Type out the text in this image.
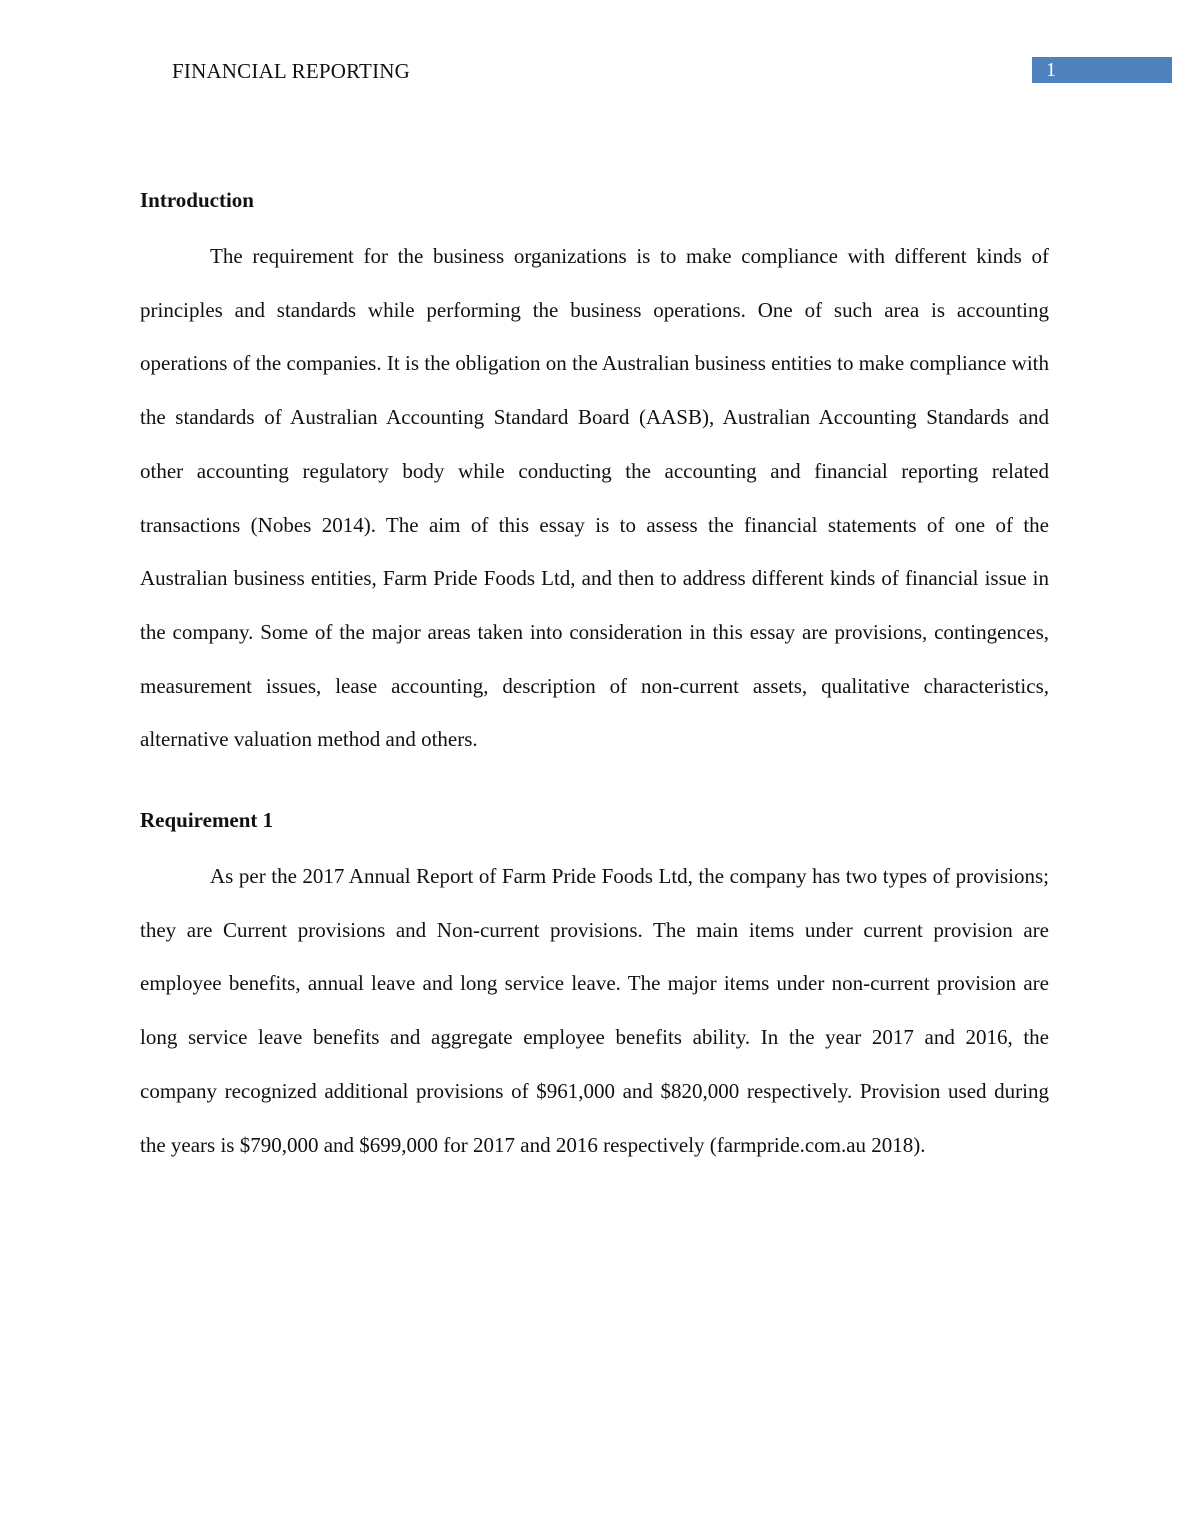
FINANCIAL REPORTING	1
Introduction

The requirement for the business organizations is to make compliance with different kinds of principles and standards while performing the business operations. One of such area is accounting operations of the companies. It is the obligation on the Australian business entities to make compliance with the standards of Australian Accounting Standard Board (AASB), Australian Accounting Standards and other accounting regulatory body while conducting the accounting and financial reporting related transactions (Nobes 2014). The aim of this essay is to assess the financial statements of one of the Australian business entities, Farm Pride Foods Ltd, and then to address different kinds of financial issue in the company. Some of the major areas taken into consideration in this essay are provisions, contingences, measurement issues, lease accounting, description of non-current assets, qualitative characteristics, alternative valuation method and others.

Requirement 1

As per the 2017 Annual Report of Farm Pride Foods Ltd, the company has two types of provisions; they are Current provisions and Non-current provisions. The main items under current provision are employee benefits, annual leave and long service leave. The major items under non-current provision are long service leave benefits and aggregate employee benefits ability. In the year 2017 and 2016, the company recognized additional provisions of $961,000 and $820,000 respectively. Provision used during the years is $790,000 and $699,000 for 2017 and 2016 respectively (farmpride.com.au 2018).
